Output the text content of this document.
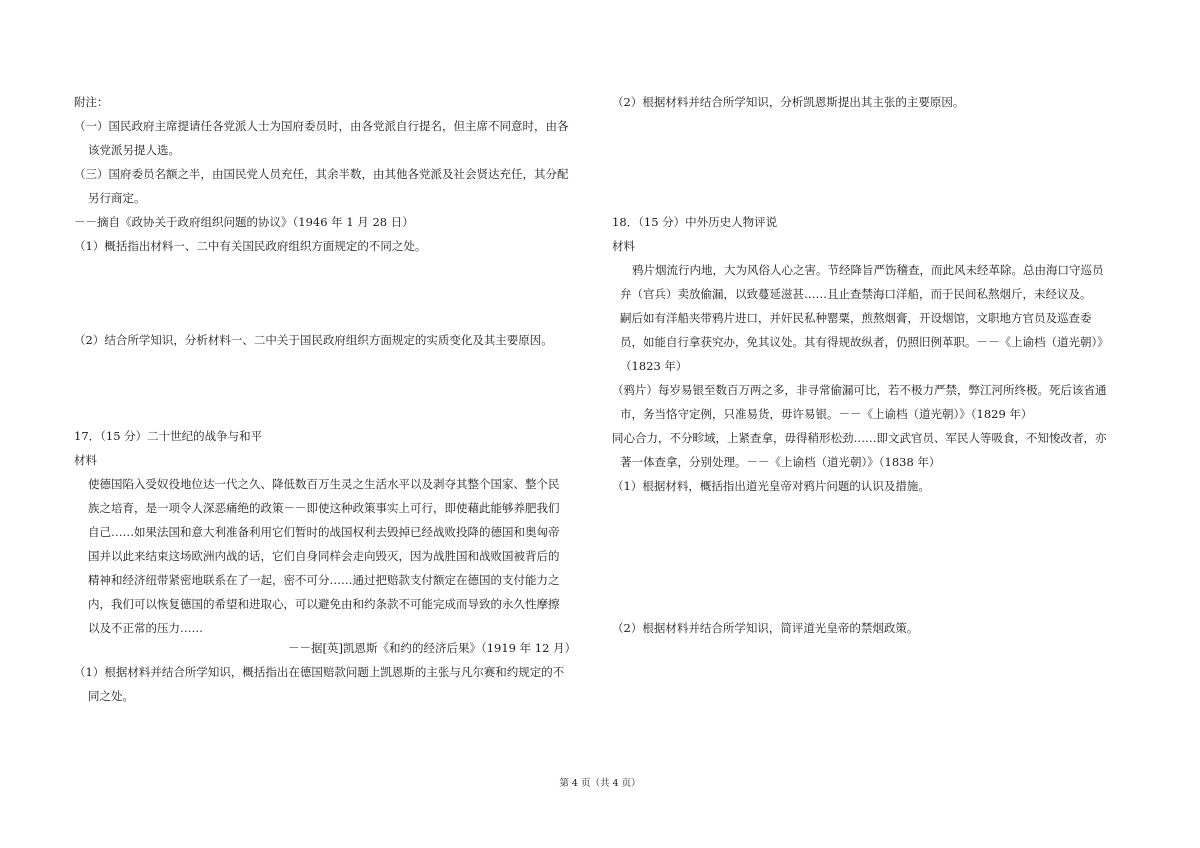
附注：
（一）国民政府主席提请任各党派人士为国府委员时，由各党派自行提名，但主席不同意时，由各
该党派另提人选。
（三）国府委员名额之半，由国民党人员充任，其余半数，由其他各党派及社会贤达充任，其分配
另行商定。
－－摘自《政协关于政府组织问题的协议》（1946 年 1 月 28 日）
（1）概括指出材料一、二中有关国民政府组织方面规定的不同之处。
（2）结合所学知识，分析材料一、二中关于国民政府组织方面规定的实质变化及其主要原因。
17．（15 分）二十世纪的战争与和平
材料
使德国陷入受奴役地位达一代之久、降低数百万生灵之生活水平以及剥夺其整个国家、整个民
族之培育，是一项令人深恶痛绝的政策－－即使这种政策事实上可行，即使藉此能够养肥我们
自己……如果法国和意大利准备利用它们暂时的战国权利去毁掉已经战败投降的德国和奥匈帝
国并以此来结束这场欧洲内战的话，它们自身同样会走向毁灭，因为战胜国和战败国被背后的
精神和经济纽带紧密地联系在了一起，密不可分……通过把赔款支付额定在德国的支付能力之
内，我们可以恢复德国的希望和进取心，可以避免由和约条款不可能完成而导致的永久性摩擦
以及不正常的压力……
－－据[英]凯恩斯《和约的经济后果》（1919 年 12 月）
（1）根据材料并结合所学知识，概括指出在德国赔款问题上凯恩斯的主张与凡尔赛和约规定的不
同之处。
（2）根据材料并结合所学知识，分析凯恩斯提出其主张的主要原因。
18．（15 分）中外历史人物评说
材料
鸦片烟流行内地，大为风俗人心之害。节经降旨严饬稽查，而此风未经革除。总由海口守巡员
弁（官兵）卖放偷漏，以致蔓延滋甚……且止查禁海口洋船，而于民间私熬烟斤，未经议及。
嗣后如有洋船夹带鸦片进口，并奸民私种罂粟，煎熬烟膏，开设烟馆，文职地方官员及巡查委
员，如能自行拿获究办，免其议处。其有得规故纵者，仍照旧例革职。－－《上谕档（道光朝）》
（1823 年）
（鸦片）每岁易银至数百万两之多，非寻常偷漏可比，若不极力严禁，弊江河所终极。死后该省通
市，务当恪守定例，只准易货，毋许易银。－－《上谕档（道光朝）》（1829 年）
同心合力，不分畛域，上紧查拿，毋得稍形松劲……即文武官员、军民人等吸食，不知悛改者，亦
著一体查拿，分别处理。－－《上谕档（道光朝）》（1838 年）
（1）根据材料，概括指出道光皇帝对鸦片问题的认识及措施。
（2）根据材料并结合所学知识，简评道光皇帝的禁烟政策。
第 4 页（共 4 页）
